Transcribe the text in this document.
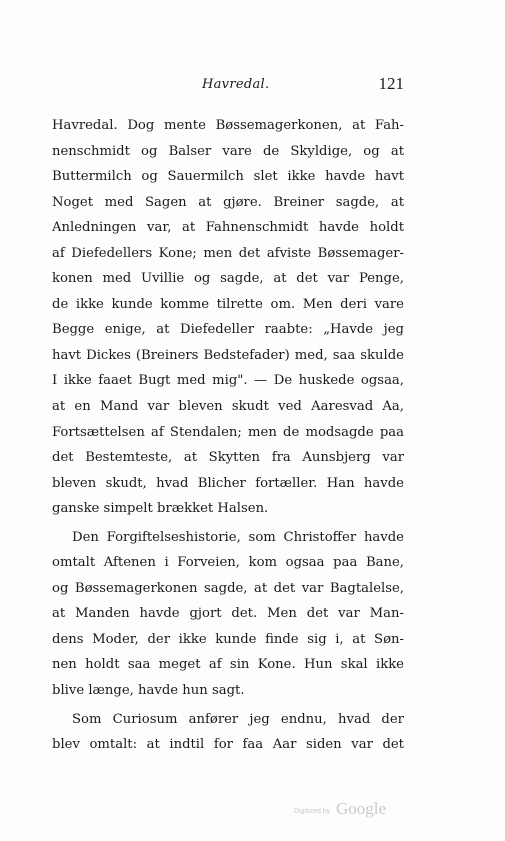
Havredal.	121
Havredal. Dog mente Bøssemagerkonen, at Fah-
nenschmidt og Balser vare de Skyldige, og at
Buttermilch og Sauermilch slet ikke havde havt
Noget med Sagen at gjøre. Breiner sagde, at
Anledningen var, at Fahnenschmidt havde holdt
af Diefedellers Kone; men det afviste Bøssemager-
konen med Uvillie og sagde, at det var Penge,
de ikke kunde komme tilrette om. Men deri vare
Begge enige, at Diefedeller raabte: „Havde jeg
havt Dickes (Breiners Bedstefader) med, saa skulde
I ikke faaet Bugt med mig". — De huskede ogsaa,
at en Mand var bleven skudt ved Aaresvad Aa,
Fortsættelsen af Stendalen; men de modsagde paa
det Bestemteste, at Skytten fra Aunsbjerg var
bleven skudt, hvad Blicher fortæller. Han havde
ganske simpelt brækket Halsen.
Den Forgiftelseshistorie, som Christoffer havde
omtalt Aftenen i Forveien, kom ogsaa paa Bane,
og Bøssemagerkonen sagde, at det var Bagtalelse,
at Manden havde gjort det. Men det var Man-
dens Moder, der ikke kunde finde sig i, at Søn-
nen holdt saa meget af sin Kone. Hun skal ikke
blive længe, havde hun sagt.
Som Curiosum anfører jeg endnu, hvad der
blev omtalt: at indtil for faa Aar siden var det
Digitized by Google
